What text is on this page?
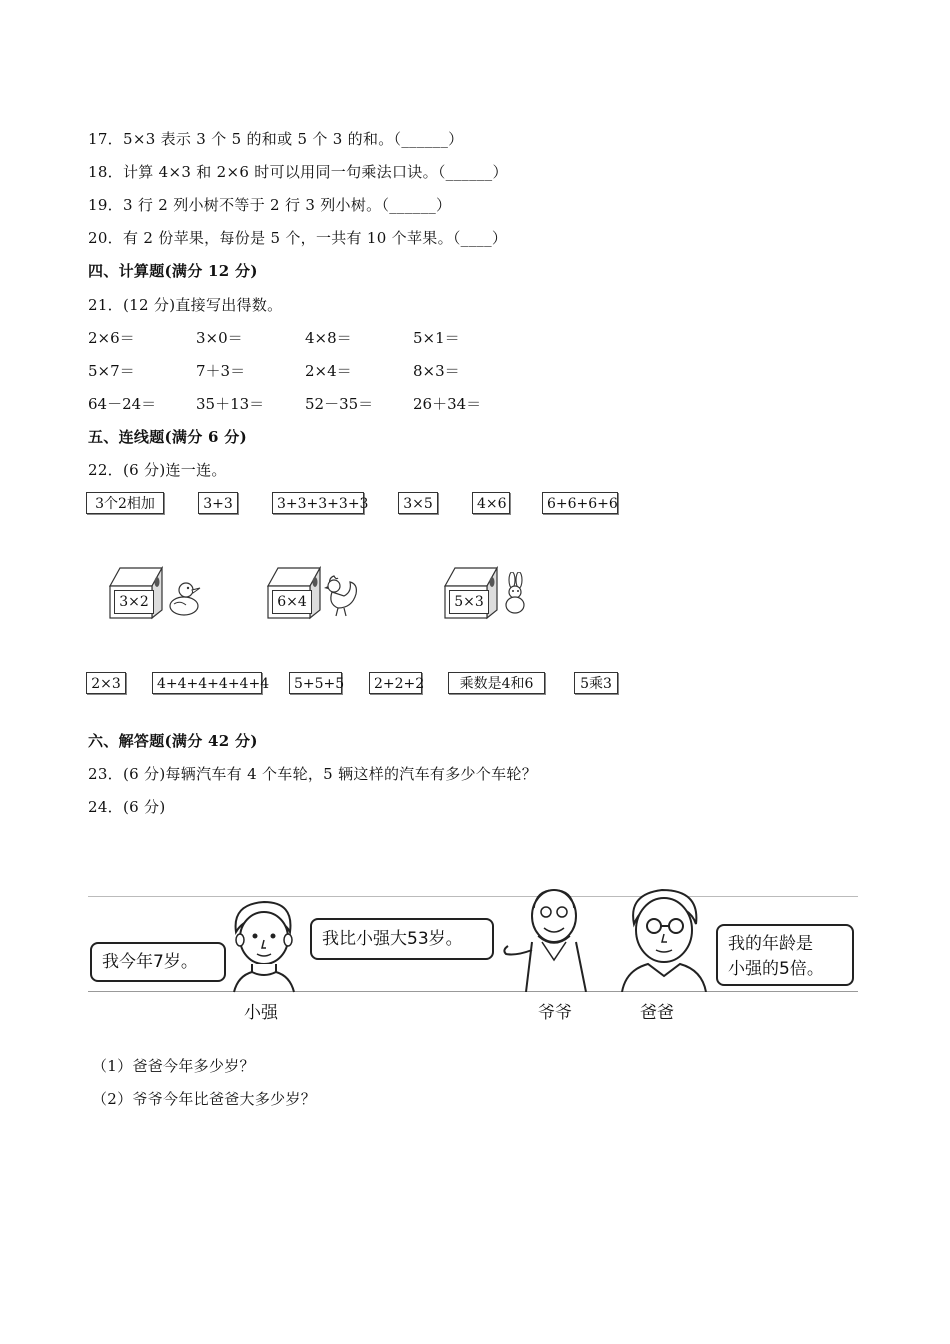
17．5×3 表示 3 个 5 的和或 5 个 3 的和。（______）
18．计算 4×3 和 2×6 时可以用同一句乘法口诀。（______）
19．3 行 2 列小树不等于 2 行 3 列小树。（______）
20．有 2 份苹果，每份是 5 个，一共有 10 个苹果。（____）
四、计算题(满分 12 分)
21．(12 分)直接写出得数。
2×6＝	3×0＝	4×8＝	5×1＝
5×7＝	7＋3＝	2×4＝	8×3＝
64－24＝	35＋13＝	52－35＝	26＋34＝
五、连线题(满分 6 分)
22．(6 分)连一连。
3个2相加	3+3	3+3+3+3+3	3×5	4×6	6+6+6+6
3×2	6×4	5×3
2×3	4+4+4+4+4+4	5+5+5	2+2+2	乘数是4和6	5乘3
六、解答题(满分 42 分)
23．(6 分)每辆汽车有 4 个车轮，5 辆这样的汽车有多少个车轮？
24．(6 分)
我今年7岁。
小强
我比小强大53岁。
爷爷	爸爸
我的年龄是
小强的5倍。
（1）爸爸今年多少岁？
（2）爷爷今年比爸爸大多少岁？
